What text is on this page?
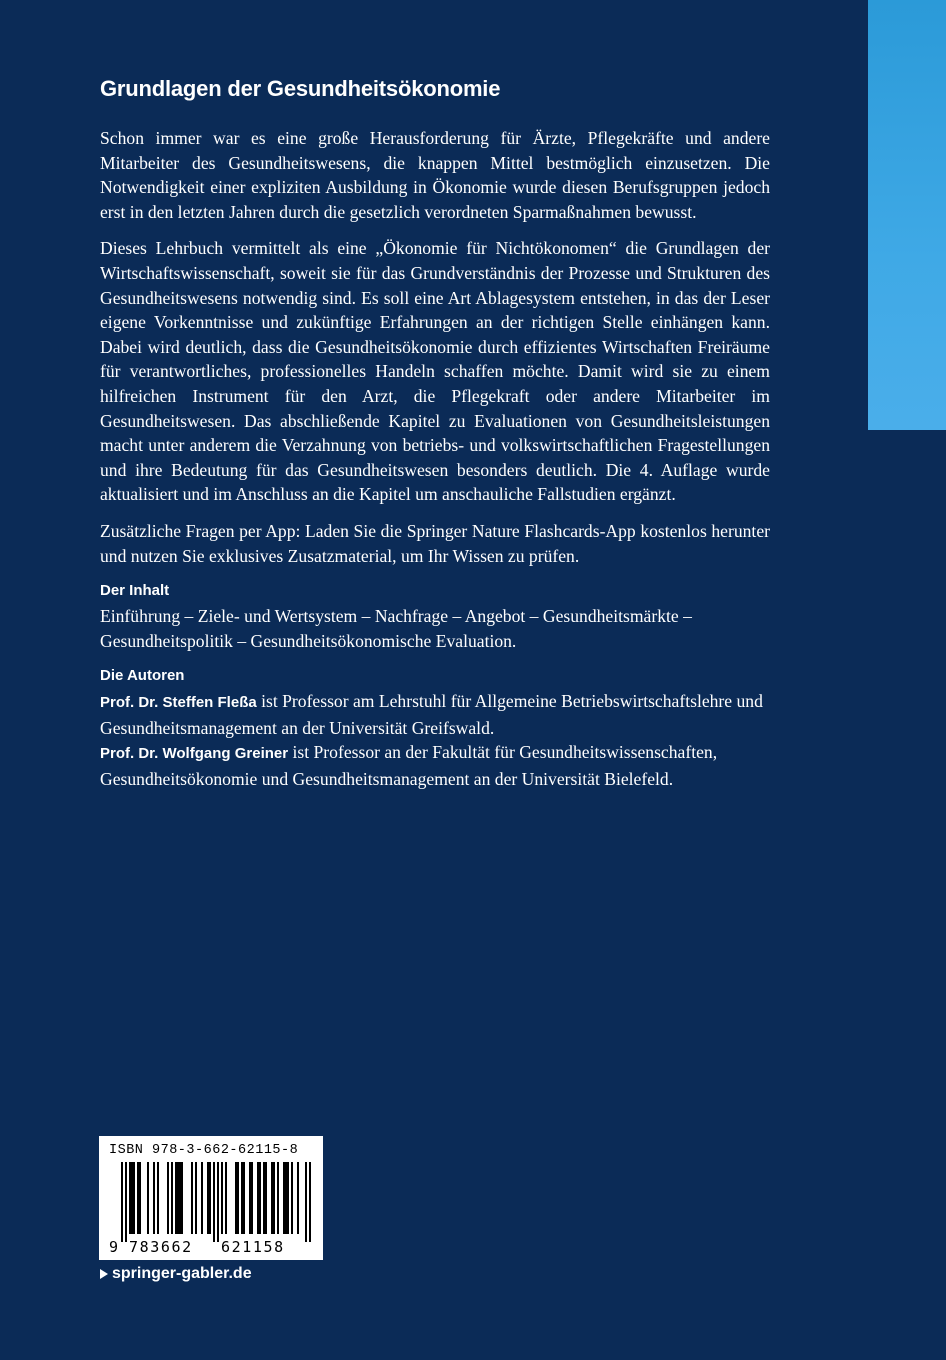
Grundlagen der Gesundheitsökonomie

Schon immer war es eine große Herausforderung für Ärzte, Pflegekräfte und andere Mitarbeiter des Gesundheitswesens, die knappen Mittel bestmöglich einzusetzen. Die Notwendigkeit einer expliziten Ausbildung in Ökonomie wurde diesen Berufsgruppen jedoch erst in den letzten Jahren durch die gesetzlich verordneten Sparmaßnahmen bewusst.

Dieses Lehrbuch vermittelt als eine „Ökonomie für Nichtökonomen“ die Grundlagen der Wirtschaftswissenschaft, soweit sie für das Grundverständnis der Prozesse und Strukturen des Gesundheitswesens notwendig sind. Es soll eine Art Ablagesystem entstehen, in das der Leser eigene Vorkenntnisse und zukünftige Erfahrungen an der richtigen Stelle einhängen kann. Dabei wird deutlich, dass die Gesundheitsökonomie durch effizientes Wirtschaften Freiräume für verantwortliches, professionelles Handeln schaffen möchte. Damit wird sie zu einem hilfreichen Instrument für den Arzt, die Pflegekraft oder andere Mitarbeiter im Gesundheitswesen. Das abschließende Kapitel zu Evaluationen von Gesundheitsleistungen macht unter anderem die Verzahnung von betriebs- und volkswirtschaftlichen Fragestellungen und ihre Bedeutung für das Gesundheitswesen besonders deutlich. Die 4. Auflage wurde aktualisiert und im Anschluss an die Kapitel um anschauliche Fallstudien ergänzt.

Zusätzliche Fragen per App: Laden Sie die Springer Nature Flashcards-App kostenlos herunter und nutzen Sie exklusives Zusatzmaterial, um Ihr Wissen zu prüfen.

Der Inhalt

Einführung – Ziele- und Wertsystem – Nachfrage – Angebot – Gesundheitsmärkte – Gesundheitspolitik – Gesundheitsökonomische Evaluation.

Die Autoren

Prof. Dr. Steffen Fleßa ist Professor am Lehrstuhl für Allgemeine Betriebswirtschaftslehre und Gesundheitsmanagement an der Universität Greifswald.

Prof. Dr. Wolfgang Greiner ist Professor an der Fakultät für Gesundheitswissenschaften, Gesundheitsökonomie und Gesundheitsmanagement an der Universität Bielefeld.

ISBN 978-3-662-62115-8
9 783662 621158
springer-gabler.de
